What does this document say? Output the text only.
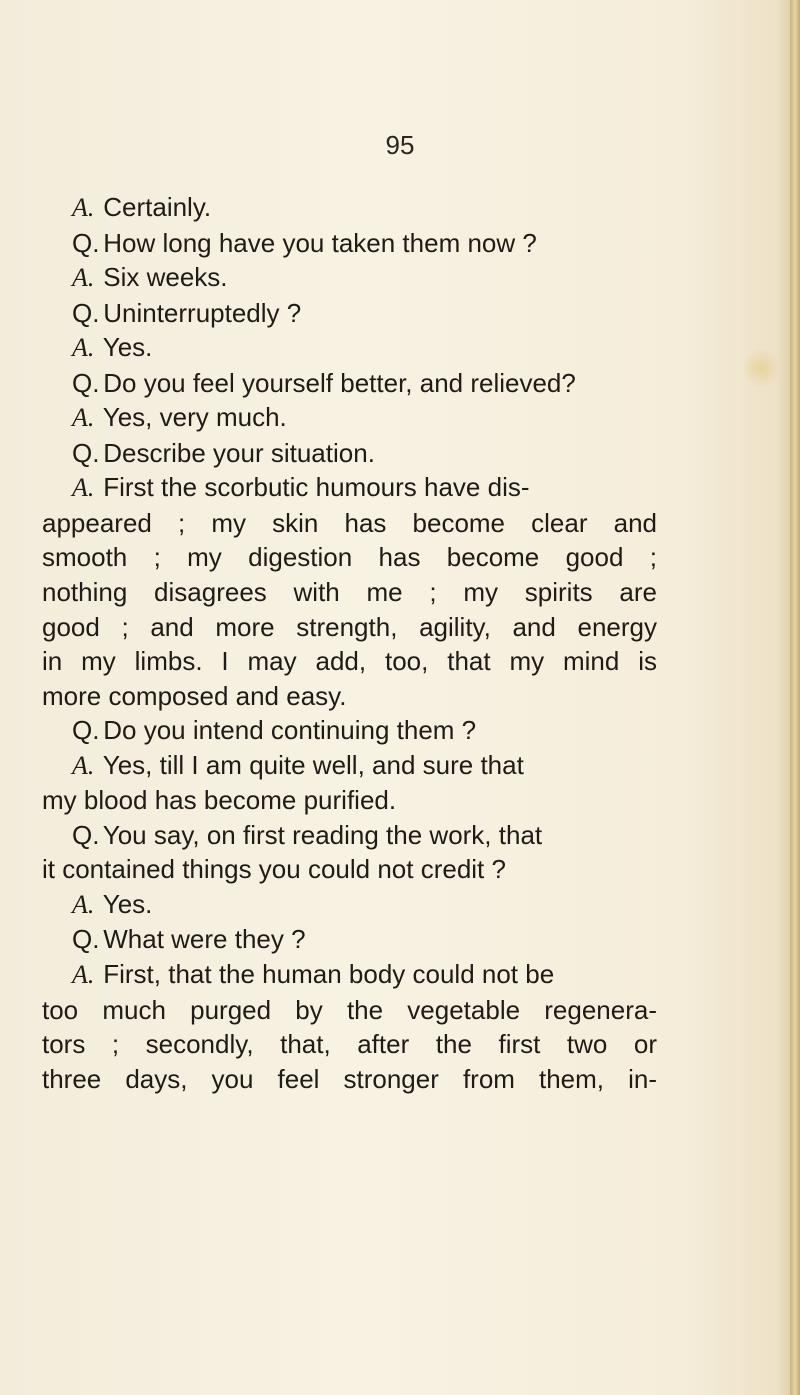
95
A. Certainly.
Q. How long have you taken them now ?
A. Six weeks.
Q. Uninterruptedly ?
A. Yes.
Q. Do you feel yourself better, and relieved?
A. Yes, very much.
Q. Describe your situation.
A. First the scorbutic humours have dis-
appeared ; my skin has become clear and
smooth ; my digestion has become good ;
nothing disagrees with me ; my spirits are
good ; and more strength, agility, and energy
in my limbs. I may add, too, that my mind is
more composed and easy.
Q. Do you intend continuing them ?
A. Yes, till I am quite well, and sure that
my blood has become purified.
Q. You say, on first reading the work, that
it contained things you could not credit ?
A. Yes.
Q. What were they ?
A. First, that the human body could not be
too much purged by the vegetable regenera-
tors ; secondly, that, after the first two or
three days, you feel stronger from them, in-
